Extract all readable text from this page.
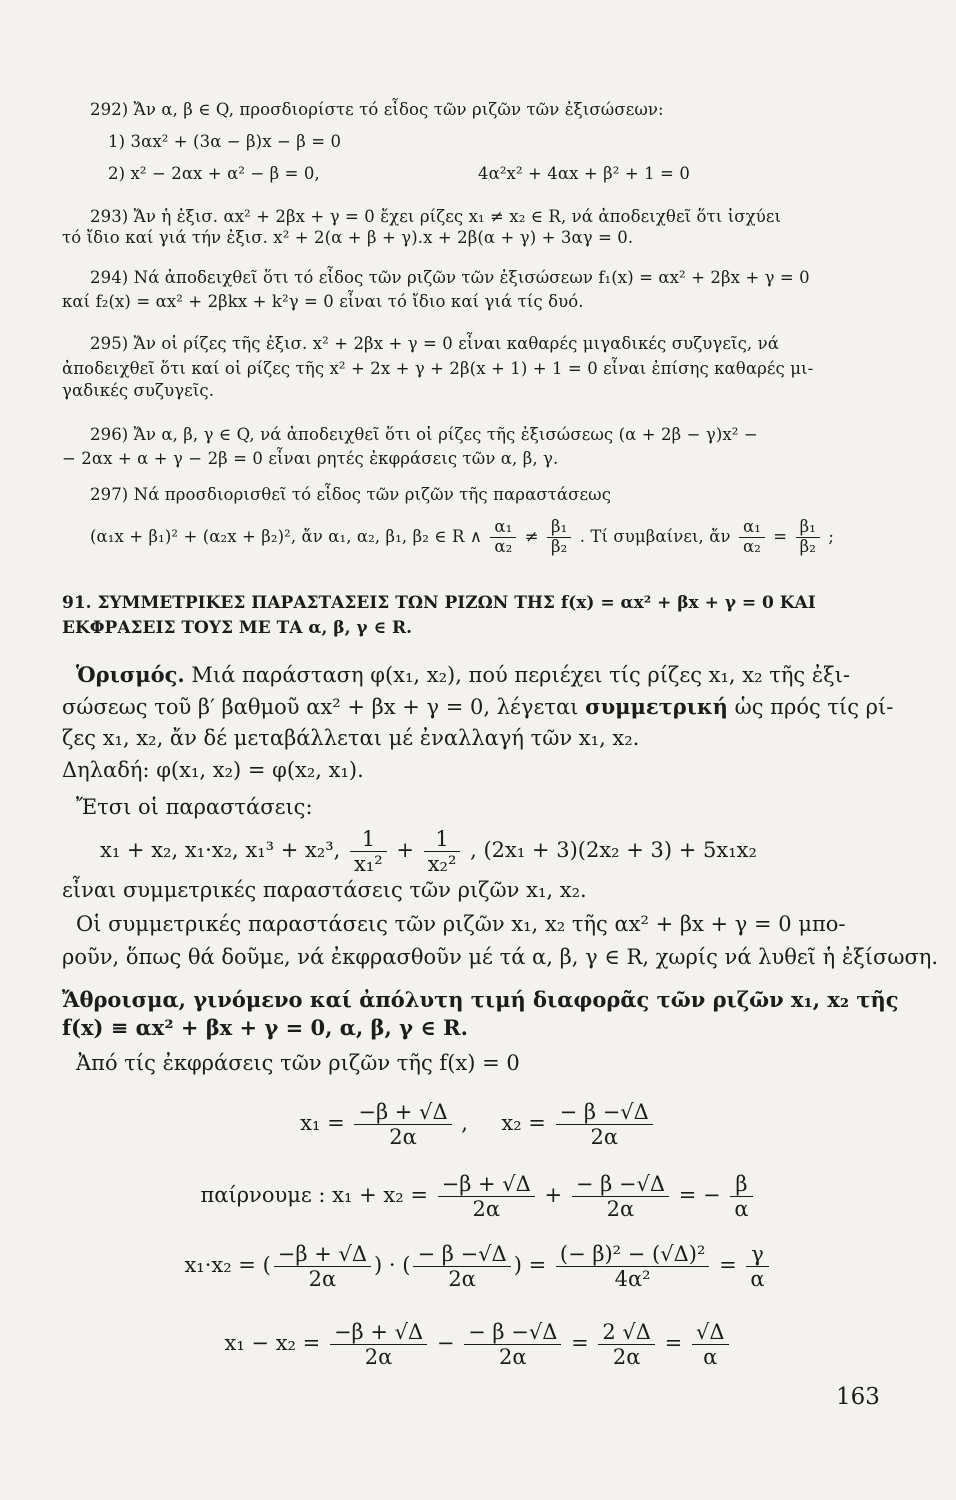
292) Ἄν α, β ∈ Q, προσδιορίστε τό εἶδος τῶν ριζῶν τῶν ἐξισώσεων:
1) 3αx² + (3α − β)x − β = 0
2) x² − 2αx + α² − β = 0,	4α²x² + 4αx + β² + 1 = 0
293) Ἄν ἡ ἐξισ. αx² + 2βx + γ = 0 ἔχει ρίζες x₁ ≠ x₂ ∈ R, νά ἀποδειχθεῖ ὅτι ἰσχύει
τό ἴδιο καί γιά τήν ἐξισ. x² + 2(α + β + γ).x + 2β(α + γ) + 3αγ = 0.
294) Νά ἀποδειχθεῖ ὅτι τό εἶδος τῶν ριζῶν τῶν ἐξισώσεων f₁(x) = αx² + 2βx + γ = 0
καί f₂(x) = αx² + 2βkx + k²γ = 0 εἶναι τό ἴδιο καί γιά τίς δυό.
295) Ἄν οἱ ρίζες τῆς ἐξισ. x² + 2βx + γ = 0 εἶναι καθαρές μιγαδικές συζυγεῖς, νά
ἀποδειχθεῖ ὅτι καί οἱ ρίζες τῆς x² + 2x + γ + 2β(x + 1) + 1 = 0 εἶναι ἐπίσης καθαρές μι-
γαδικές συζυγεῖς.
296) Ἄν α, β, γ ∈ Q, νά ἀποδειχθεῖ ὅτι οἱ ρίζες τῆς ἐξισώσεως (α + 2β − γ)x² −
− 2αx + α + γ − 2β = 0 εἶναι ρητές ἐκφράσεις τῶν α, β, γ.
297) Νά προσδιορισθεῖ τό εἶδος τῶν ριζῶν τῆς παραστάσεως
(α₁x + β₁)² + (α₂x + β₂)², ἄν α₁, α₂, β₁, β₂ ∈ R ∧ $\frac{\text{α₁}}{\text{α₂}} \ne \frac{\text{β₁}}{\text{β₂}}$ . Τί συμβαίνει, ἄν $\frac{\text{α₁}}{\text{α₂}} = \frac{\text{β₁}}{\text{β₂}}$ ;
91. ΣΥΜΜΕΤΡΙΚΕΣ ΠΑΡΑΣΤΑΣΕΙΣ ΤΩΝ ΡΙΖΩΝ ΤΗΣ f(x) = αx² + βx + γ = 0 ΚΑΙ
ΕΚΦΡΑΣΕΙΣ ΤΟΥΣ ΜΕ ΤΑ α, β, γ ∈ R.
Ὁρισμός. Μιά παράσταση φ(x₁, x₂), πού περιέχει τίς ρίζες x₁, x₂ τῆς ἐξι-
σώσεως τοῦ β′ βαθμοῦ αx² + βx + γ = 0, λέγεται συμμετρική ὡς πρός τίς ρί-
ζες x₁, x₂, ἄν δέ μεταβάλλεται μέ ἐναλλαγή τῶν x₁, x₂.
Δηλαδή: φ(x₁, x₂) = φ(x₂, x₁).
Ἔτσι οἱ παραστάσεις:
x₁ + x₂, x₁·x₂, x₁³ + x₂³, $\frac{1}{\text{x₁²}} + \frac{1}{\text{x₂²}}$ , (2x₁ + 3)(2x₂ + 3) + 5x₁x₂
εἶναι συμμετρικές παραστάσεις τῶν ριζῶν x₁, x₂.
Οἱ συμμετρικές παραστάσεις τῶν ριζῶν x₁, x₂ τῆς αx² + βx + γ = 0 μπο-
ροῦν, ὅπως θά δοῦμε, νά ἐκφρασθοῦν μέ τά α, β, γ ∈ R, χωρίς νά λυθεῖ ἡ ἐξίσωση.
Ἄθροισμα, γινόμενο καί ἀπόλυτη τιμή διαφορᾶς τῶν ριζῶν x₁, x₂ τῆς
f(x) ≡ αx² + βx + γ = 0, α, β, γ ∈ R.
Ἀπό τίς ἐκφράσεις τῶν ριζῶν τῆς f(x) = 0
$x_1 = \frac{-\beta + √\Delta}{2\alpha}$ , $x_2 = \frac{- \beta -√\Delta}{2\alpha}$
παίρνουμε : $x_1 + x_2 = \frac{-\beta + √\Delta}{2\alpha} + \frac{- \beta -√\Delta}{2\alpha}$ = − $\frac{\beta}{\alpha}$
x₁·x₂ = ( $\frac{-\beta + √\Delta}{2\alpha}$ ) · ( $\frac{- \beta -√\Delta}{2\alpha}$ ) = $\frac{\text{(− β)² − (√Δ)²}}{\text{4α²}} = \frac{\gamma}{\alpha}$
$x_1 - x_2 = \frac{-\beta + √\Delta}{2\alpha} - \frac{- \beta -√\Delta}{2\alpha} = \frac{2 √\Delta}{2\alpha} = \frac{√\Delta}{\alpha}$
163
